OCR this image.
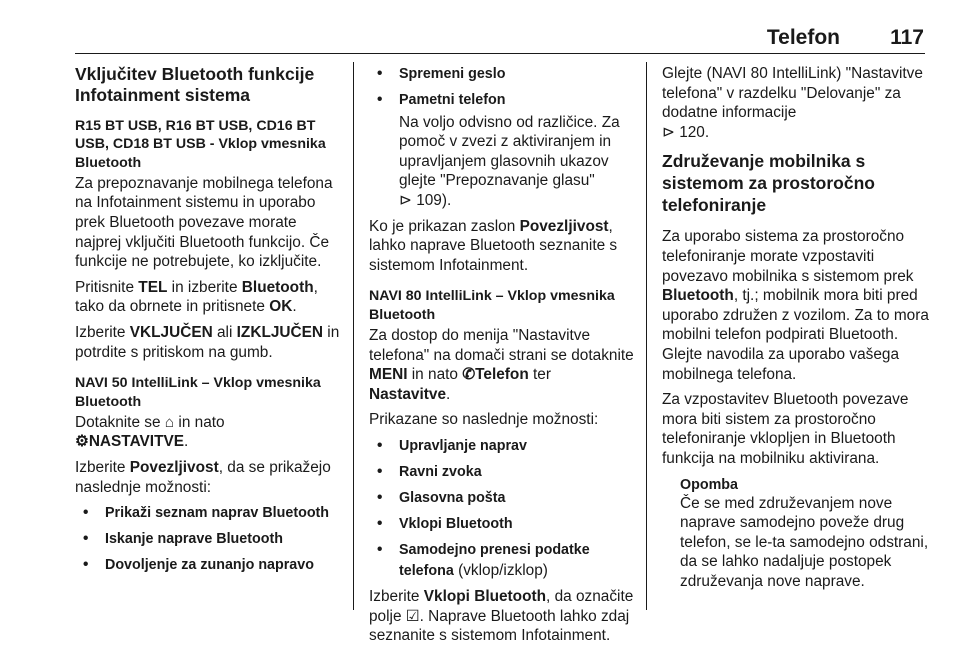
Telefon 117
Vključitev Bluetooth funkcije Infotainment sistema
R15 BT USB, R16 BT USB, CD16 BT USB, CD18 BT USB - Vklop vmesnika Bluetooth

Za prepoznavanje mobilnega telefona na Infotainment sistemu in uporabo prek Bluetooth povezave morate najprej vključiti Bluetooth funkcijo. Če funkcije ne potrebujete, ko izključite.

Pritisnite TEL in izberite Bluetooth, tako da obrnete in pritisnete OK.

Izberite VKLJUČEN ali IZKLJUČEN in potrdite s pritiskom na gumb.

NAVI 50 IntelliLink – Vklop vmesnika Bluetooth

Dotaknite se ⌂ in nato
⚙NASTAVITVE.

Izberite Povezljivost, da se prikažejo naslednje možnosti:

• Prikaži seznam naprav Bluetooth
• Iskanje naprave Bluetooth
• Dovoljenje za zunanjo napravo
• Spremeni geslo
• Pametni telefon

Na voljo odvisno od različice. Za pomoč v zvezi z aktiviranjem in upravljanjem glasovnih ukazov glejte "Prepoznavanje glasu"
⊳ 109).

Ko je prikazan zaslon Povezljivost, lahko naprave Bluetooth seznanite s sistemom Infotainment.

NAVI 80 IntelliLink – Vklop vmesnika Bluetooth

Za dostop do menija "Nastavitve telefona" na domači strani se dotaknite MENI in nato ✆Telefon ter Nastavitve.

Prikazane so naslednje možnosti:

• Upravljanje naprav
• Ravni zvoka
• Glasovna pošta
• Vklopi Bluetooth
• Samodejno prenesi podatke telefona (vklop/izklop)

Izberite Vklopi Bluetooth, da označite polje ☑. Naprave Bluetooth lahko zdaj seznanite s sistemom Infotainment.

Glejte (NAVI 80 IntelliLink) "Nastavitve telefona" v razdelku "Delovanje" za dodatne informacije
⊳ 120.

Združevanje mobilnika s sistemom za prostoročno telefoniranje

Za uporabo sistema za prostoročno telefoniranje morate vzpostaviti povezavo mobilnika s sistemom prek Bluetooth, tj.; mobilnik mora biti pred uporabo združen z vozilom. Za to mora mobilni telefon podpirati Bluetooth. Glejte navodila za uporabo vašega mobilnega telefona.

Za vzpostavitev Bluetooth povezave mora biti sistem za prostoročno telefoniranje vklopljen in Bluetooth funkcija na mobilniku aktivirana.

Opomba
Če se med združevanjem nove naprave samodejno poveže drug telefon, se le-ta samodejno odstrani, da se lahko nadaljuje postopek združevanja nove naprave.
